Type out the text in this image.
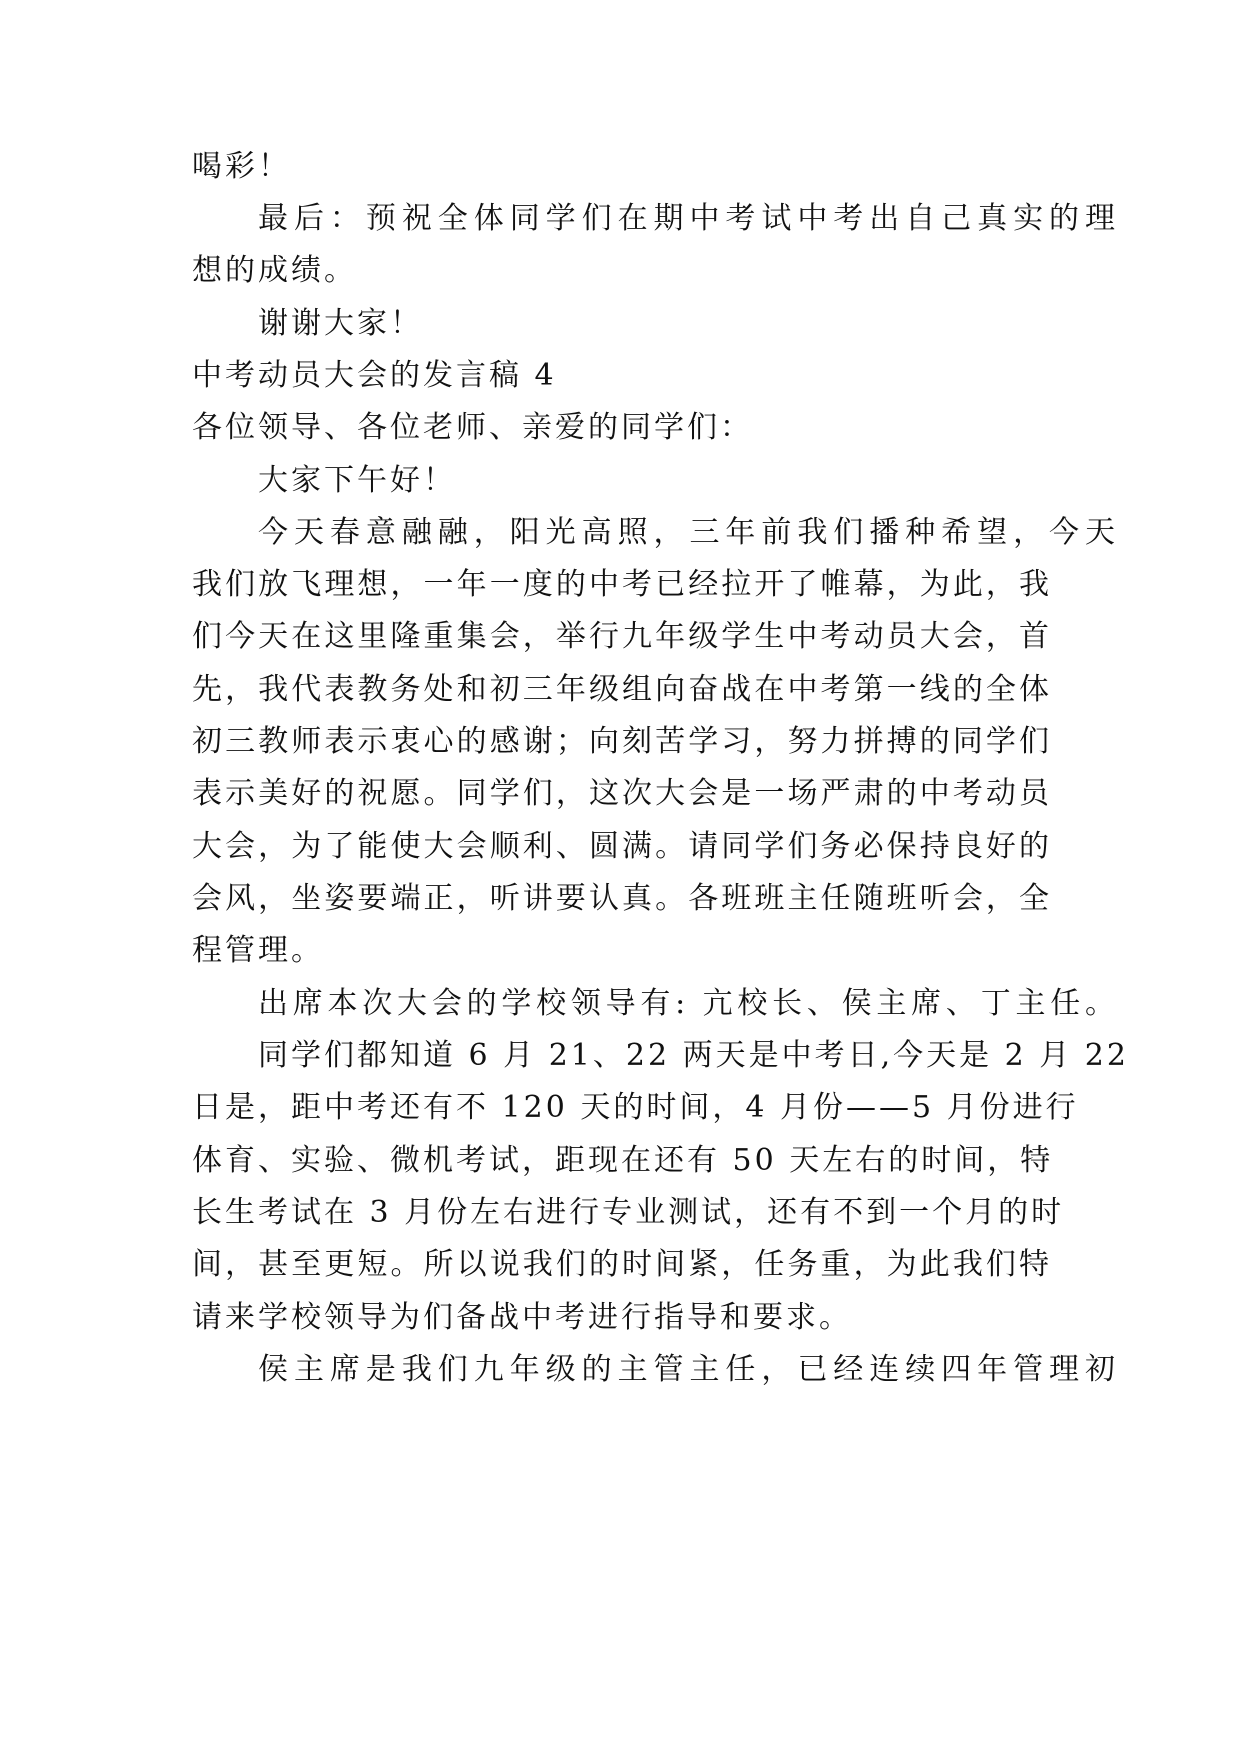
喝彩！
最后：预祝全体同学们在期中考试中考出自己真实的理
想的成绩。
谢谢大家！
中考动员大会的发言稿 4
各位领导、各位老师、亲爱的同学们：
大家下午好！
今天春意融融，阳光高照，三年前我们播种希望，今天
我们放飞理想，一年一度的中考已经拉开了帷幕，为此，我
们今天在这里隆重集会，举行九年级学生中考动员大会，首
先，我代表教务处和初三年级组向奋战在中考第一线的全体
初三教师表示衷心的感谢；向刻苦学习，努力拼搏的同学们
表示美好的祝愿。同学们，这次大会是一场严肃的中考动员
大会，为了能使大会顺利、圆满。请同学们务必保持良好的
会风，坐姿要端正，听讲要认真。各班班主任随班听会，全
程管理。
出席本次大会的学校领导有: 亢校长、侯主席、丁主任。
同学们都知道 6 月 21、22 两天是中考日,今天是 2 月 22
日是，距中考还有不 120 天的时间，4 月份——5 月份进行
体育、实验、微机考试，距现在还有 50 天左右的时间，特
长生考试在 3 月份左右进行专业测试，还有不到一个月的时
间，甚至更短。所以说我们的时间紧，任务重，为此我们特
请来学校领导为们备战中考进行指导和要求。
侯主席是我们九年级的主管主任，已经连续四年管理初
